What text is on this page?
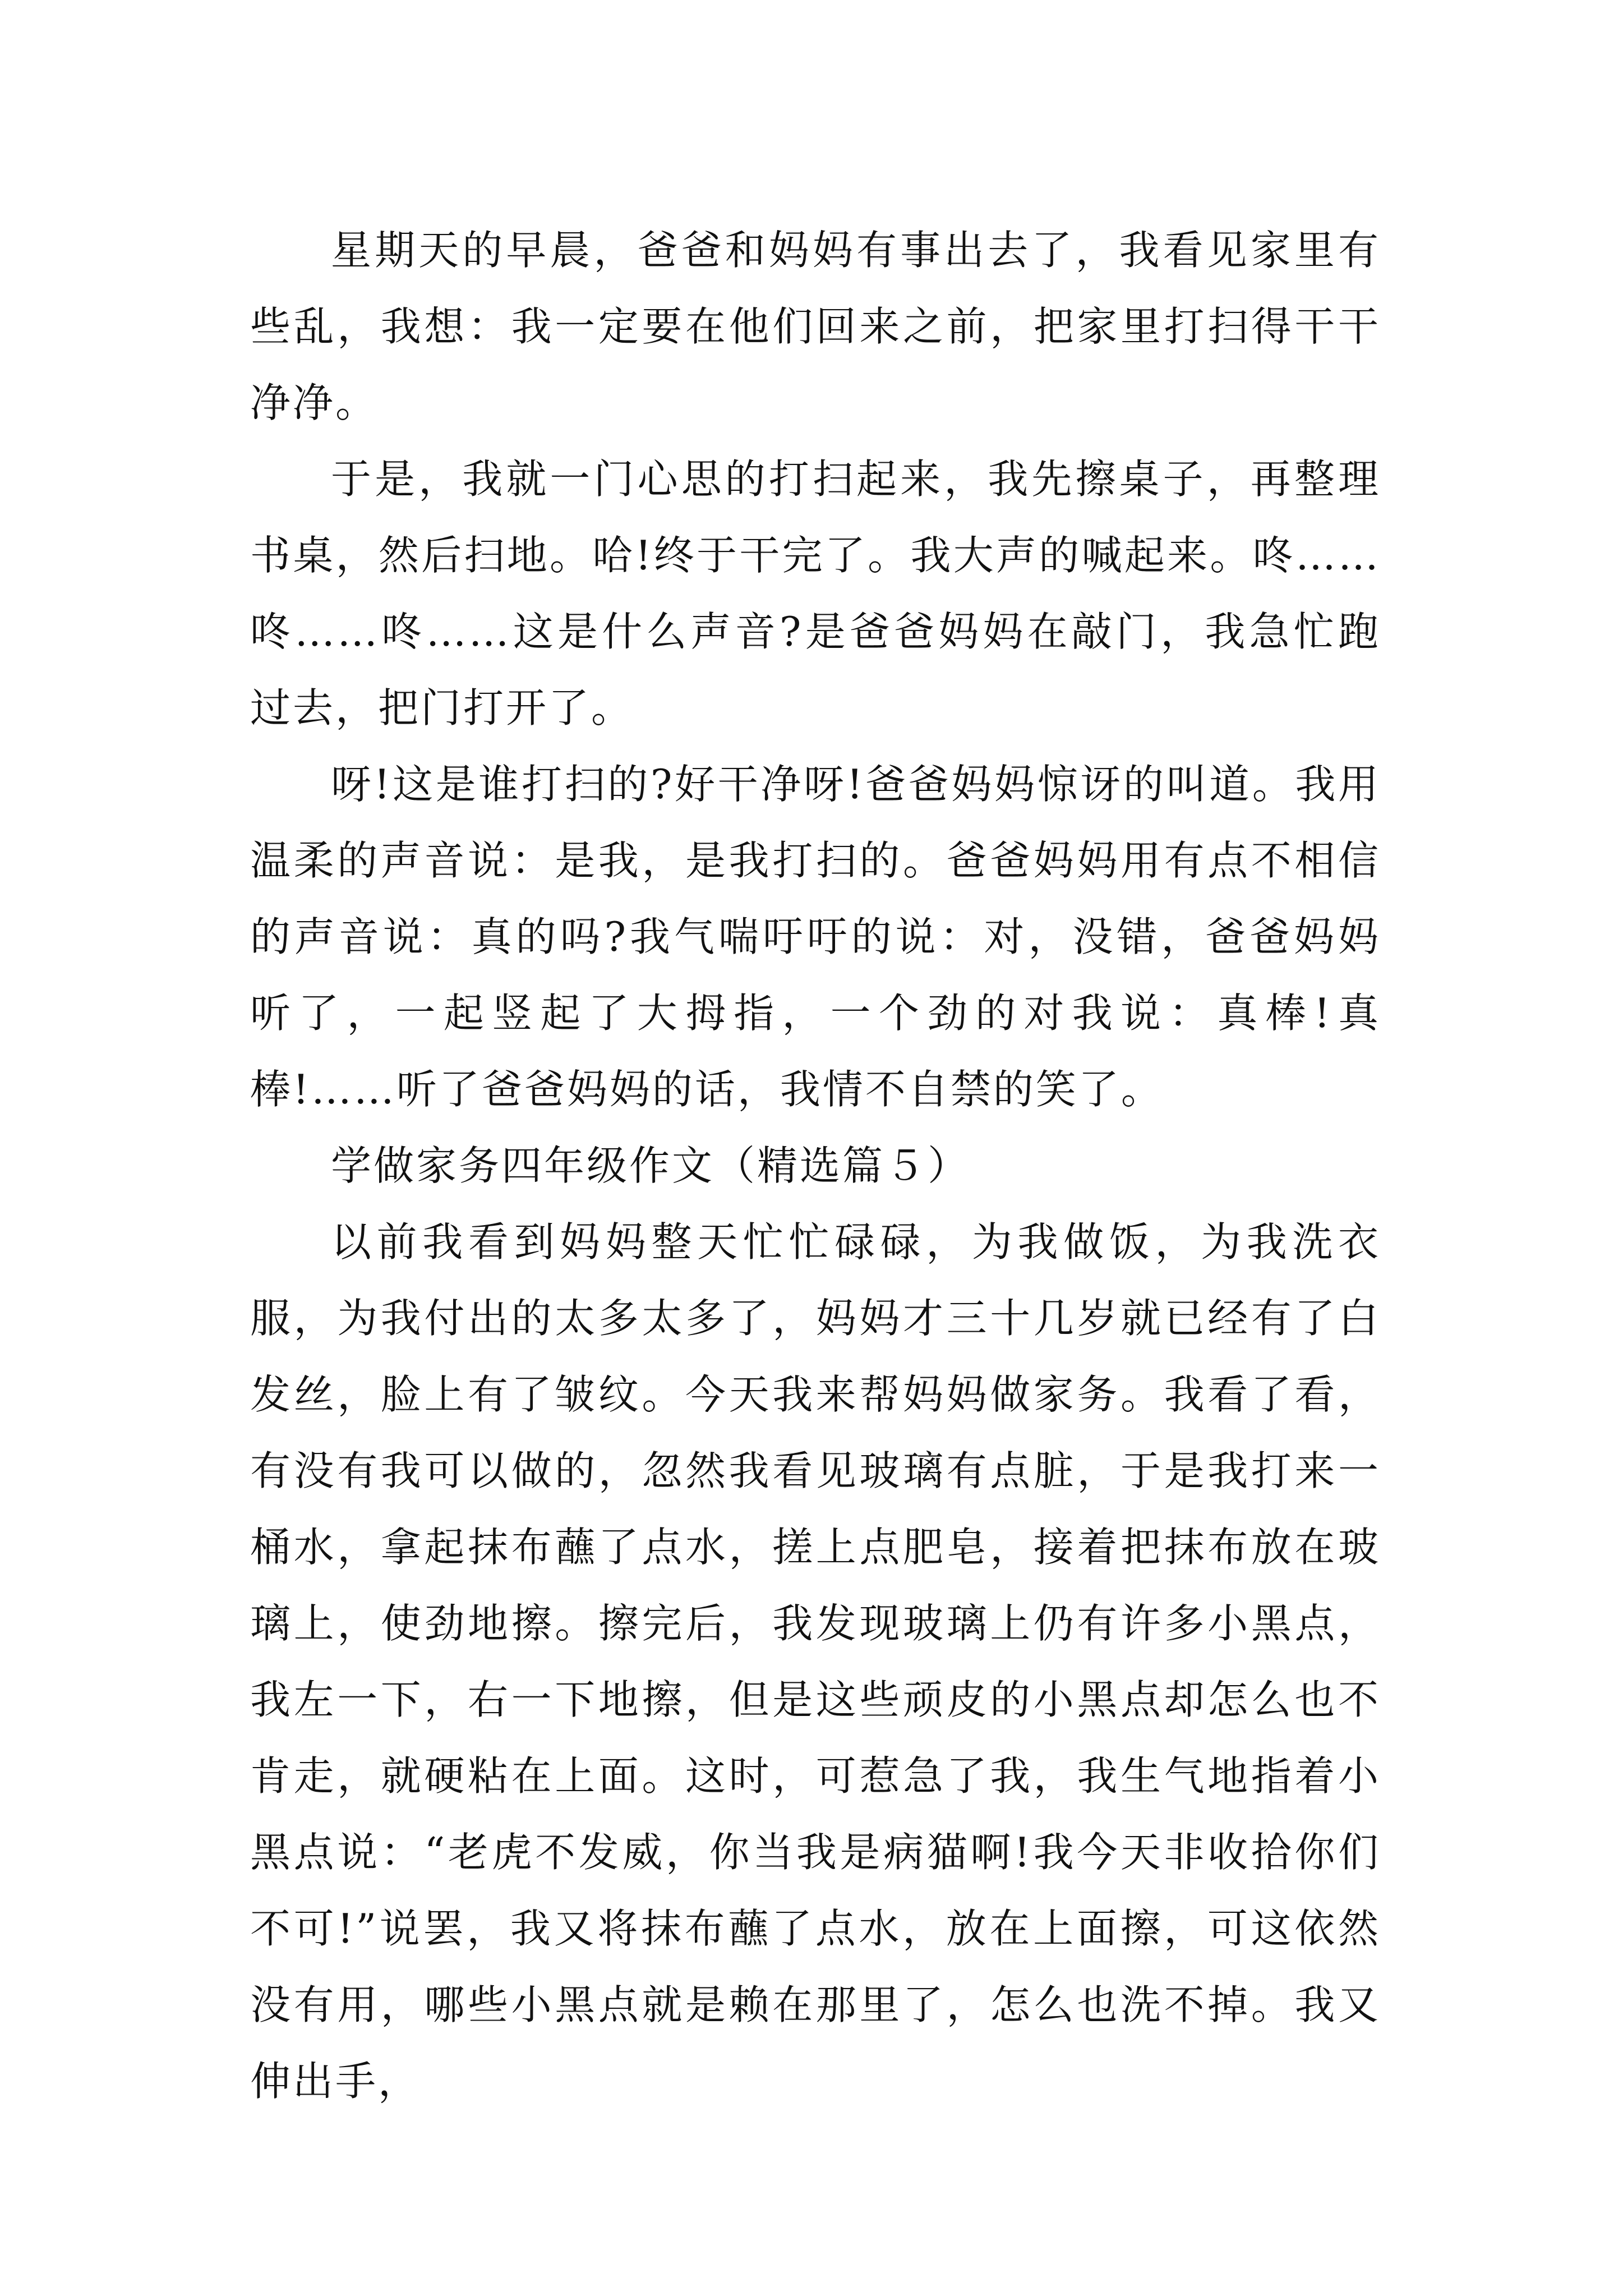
星期天的早晨，爸爸和妈妈有事出去了，我看见家里有些乱，我想：我一定要在他们回来之前，把家里打扫得干干净净。

于是，我就一门心思的打扫起来，我先擦桌子，再整理书桌，然后扫地。哈!终于干完了。我大声的喊起来。咚……咚……咚……这是什么声音?是爸爸妈妈在敲门，我急忙跑过去，把门打开了。

呀!这是谁打扫的?好干净呀!爸爸妈妈惊讶的叫道。我用温柔的声音说：是我，是我打扫的。爸爸妈妈用有点不相信的声音说：真的吗?我气喘吁吁的说：对，没错，爸爸妈妈听了，一起竖起了大拇指，一个劲的对我说：真棒!真棒!……听了爸爸妈妈的话，我情不自禁的笑了。

学做家务四年级作文（精选篇５）

以前我看到妈妈整天忙忙碌碌，为我做饭，为我洗衣服，为我付出的太多太多了，妈妈才三十几岁就已经有了白发丝，脸上有了皱纹。今天我来帮妈妈做家务。我看了看，有没有我可以做的，忽然我看见玻璃有点脏，于是我打来一桶水，拿起抹布蘸了点水，搓上点肥皂，接着把抹布放在玻璃上，使劲地擦。擦完后，我发现玻璃上仍有许多小黑点，我左一下，右一下地擦，但是这些顽皮的小黑点却怎么也不肯走，就硬粘在上面。这时，可惹急了我，我生气地指着小黑点说：“老虎不发威，你当我是病猫啊!我今天非收拾你们不可!”说罢，我又将抹布蘸了点水，放在上面擦，可这依然没有用，哪些小黑点就是赖在那里了，怎么也洗不掉。我又伸出手，
